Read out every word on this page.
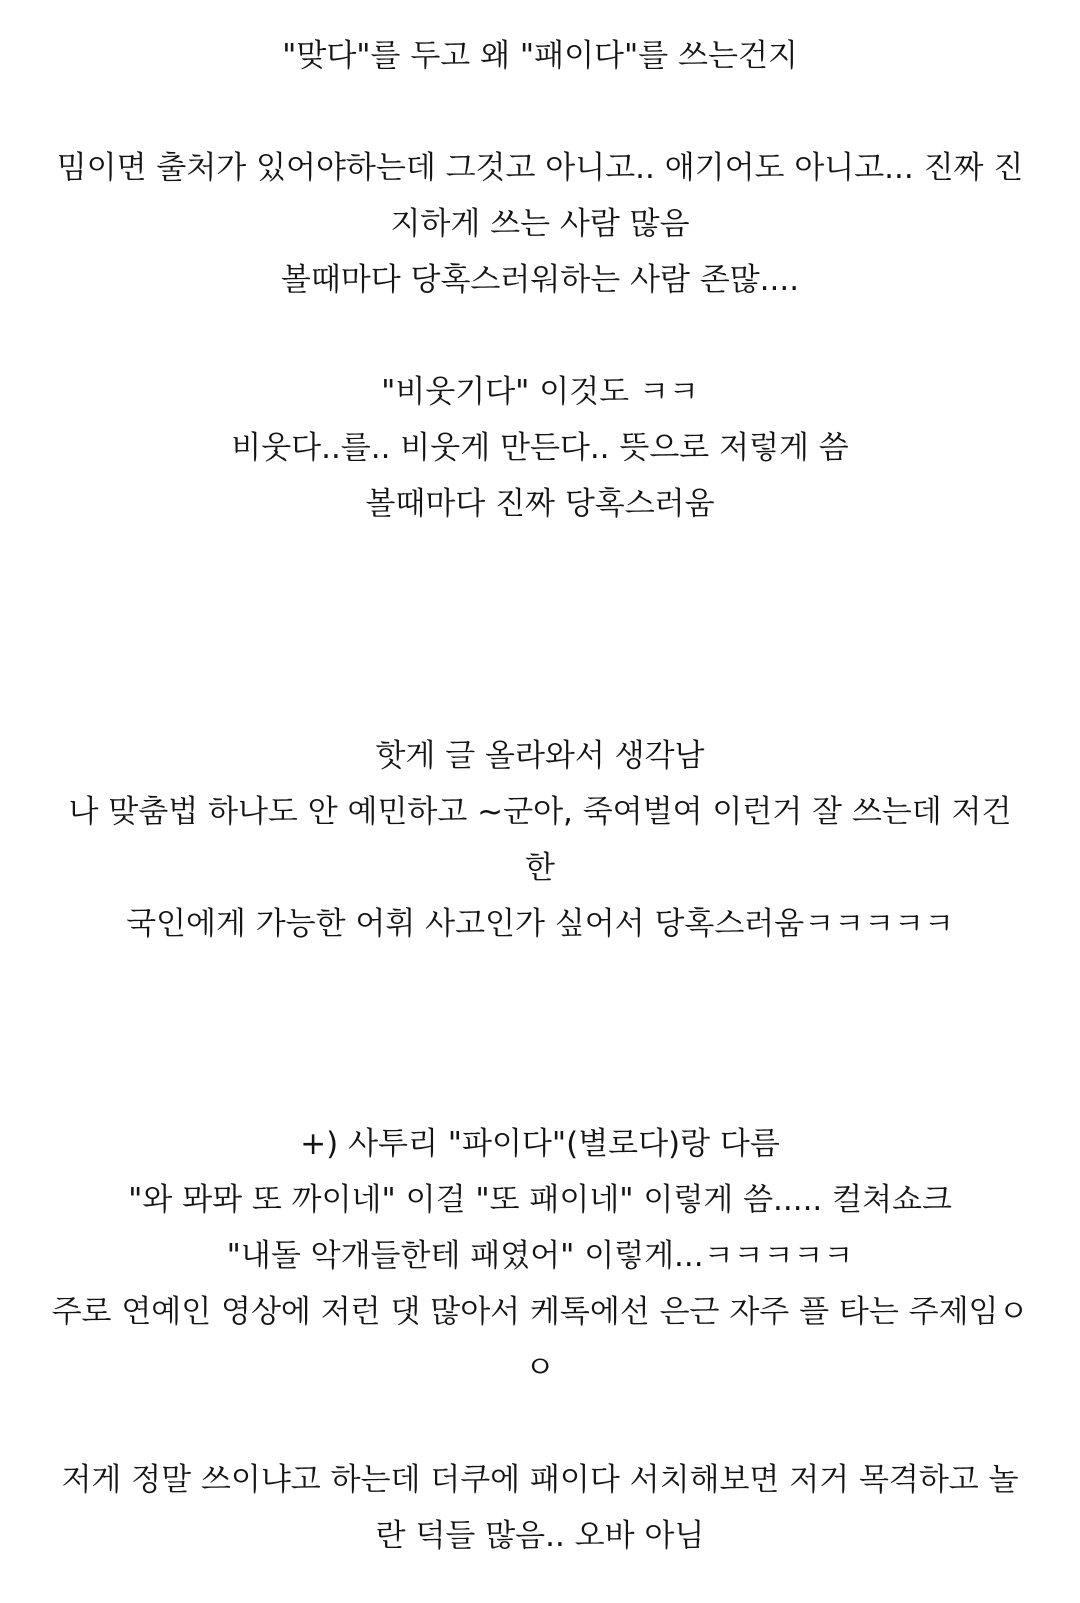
"맞다"를 두고 왜 "패이다"를 쓰는건지
밈이면 출처가 있어야하는데 그것고 아니고.. 애기어도 아니고... 진짜 진
지하게 쓰는 사람 많음
볼때마다 당혹스러워하는 사람 존많....
"비웃기다" 이것도 ㅋㅋ
비웃다..를.. 비웃게 만든다.. 뜻으로 저렇게 씀
볼때마다 진짜 당혹스러움
핫게 글 올라와서 생각남
나 맞춤법 하나도 안 예민하고 ~군아, 죽여벌여 이런거 잘 쓰는데 저건 한
국인에게 가능한 어휘 사고인가 싶어서 당혹스러움ㅋㅋㅋㅋㅋ
+) 사투리 "파이다"(별로다)랑 다름
"와 뫄뫄 또 까이네" 이걸 "또 패이네" 이렇게 씀..... 컬쳐쇼크
"내돌 악개들한테 패였어" 이렇게...ㅋㅋㅋㅋㅋ
주로 연예인 영상에 저런 댓 많아서 케톡에선 은근 자주 플 타는 주제임ㅇ
ㅇ
저게 정말 쓰이냐고 하는데 더쿠에 패이다 서치해보면 저거 목격하고 놀
란 덕들 많음.. 오바 아님
